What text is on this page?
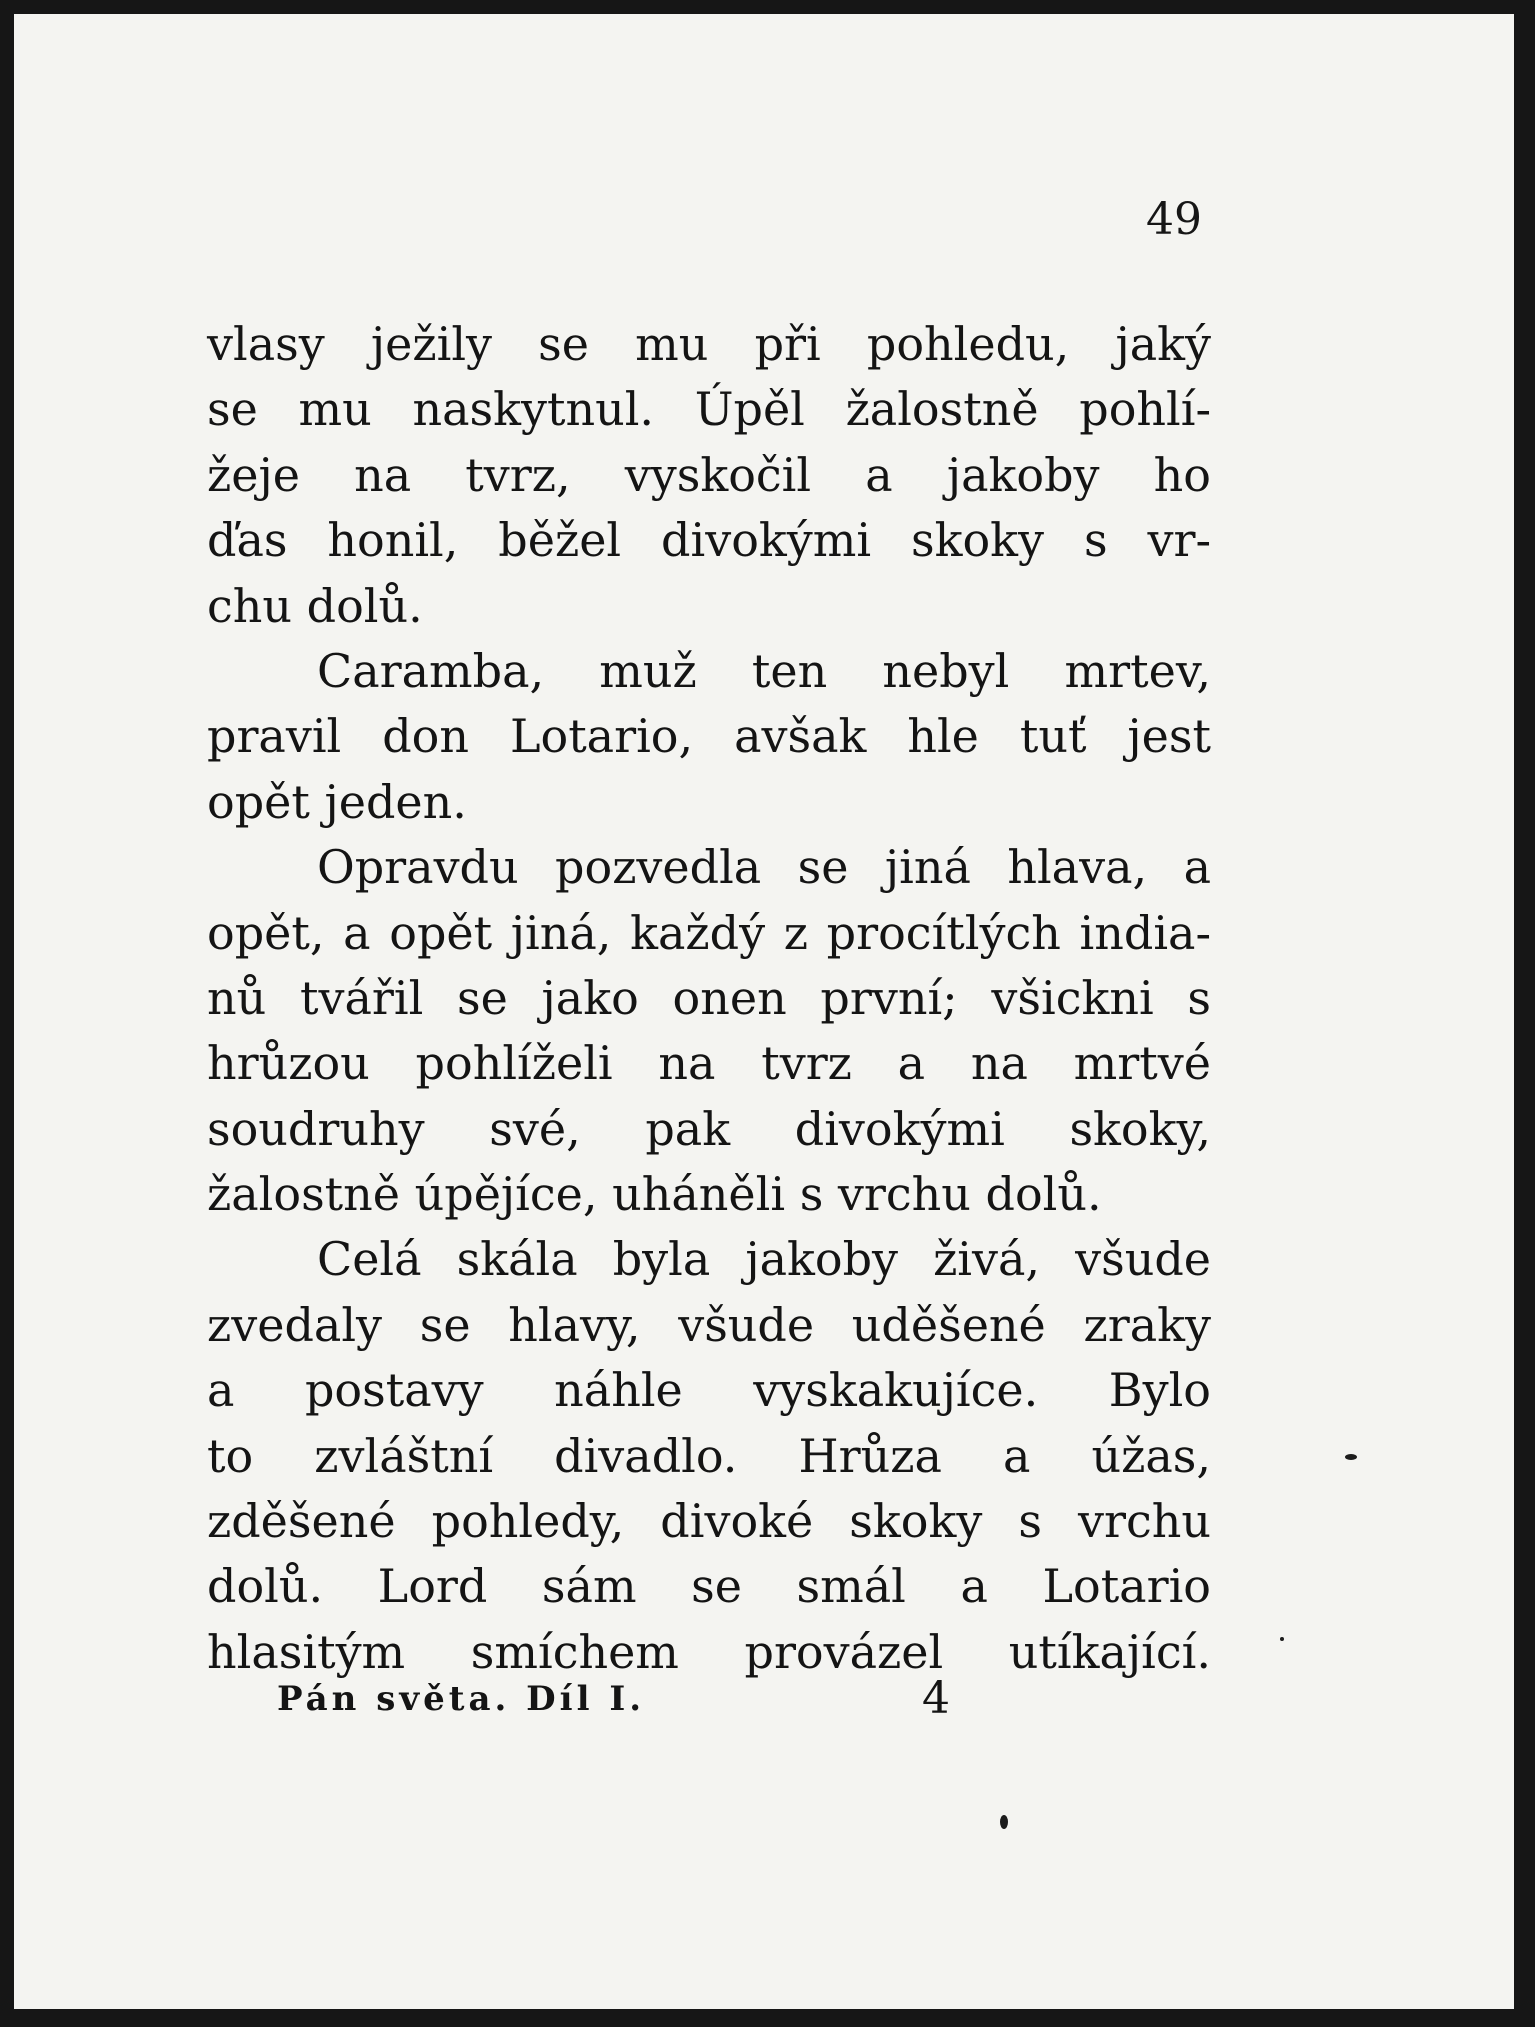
49
vlasy ježily se mu při pohledu, jaký
se mu naskytnul. Úpěl žalostně pohlí-
žeje na tvrz, vyskočil a jakoby ho
ďas honil, běžel divokými skoky s vr-
chu dolů.
Caramba, muž ten nebyl mrtev,
pravil don Lotario, avšak hle tuť jest
opět jeden.
Opravdu pozvedla se jiná hlava, a
opět, a opět jiná, každý z procítlých india-
nů tvářil se jako onen první; všickni s
hrůzou pohlíželi na tvrz a na mrtvé
soudruhy své, pak divokými skoky,
žalostně úpějíce, uháněli s vrchu dolů.
Celá skála byla jakoby živá, všude
zvedaly se hlavy, všude uděšené zraky
a postavy náhle vyskakujíce. Bylo
to zvláštní divadlo. Hrůza a úžas,
zděšené pohledy, divoké skoky s vrchu
dolů. Lord sám se smál a Lotario
hlasitým smíchem provázel utíkající.
Pán světa. Díl I.	4
